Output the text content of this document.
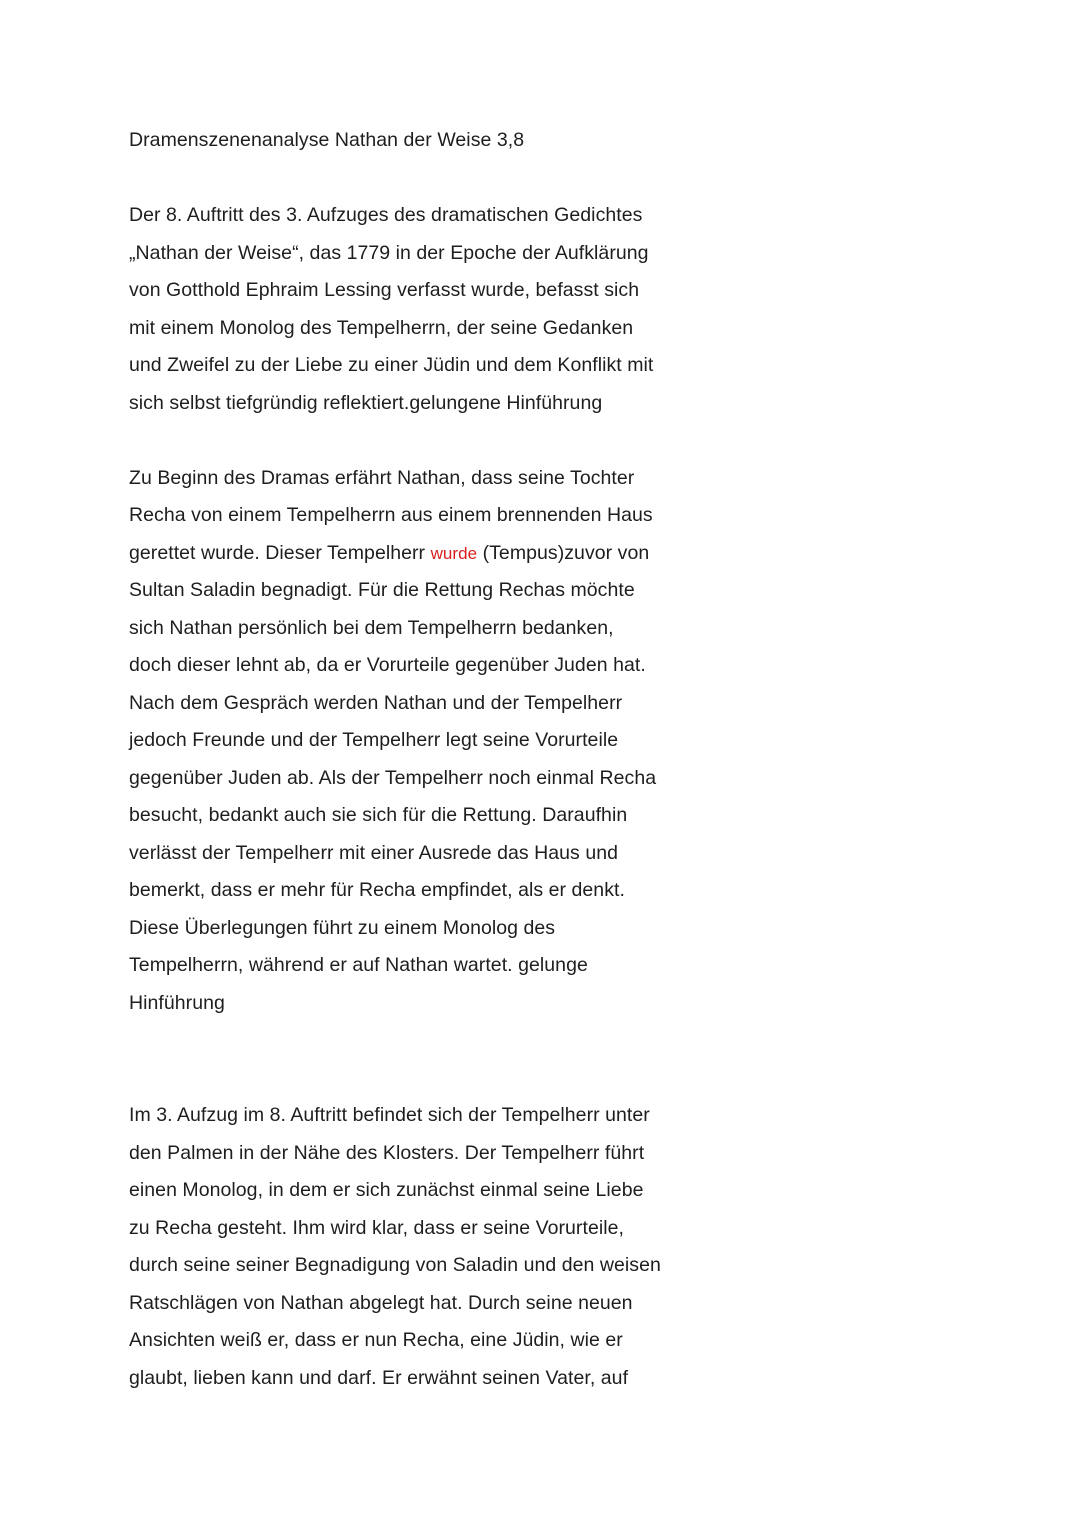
Dramenszenenanalyse Nathan der Weise 3,8

Der 8. Auftritt des 3. Aufzuges des dramatischen Gedichtes
„Nathan der Weise“, das 1779 in der Epoche der Aufklärung
von Gotthold Ephraim Lessing verfasst wurde, befasst sich
mit einem Monolog des Tempelherrn, der seine Gedanken
und Zweifel zu der Liebe zu einer Jüdin und dem Konflikt mit
sich selbst tiefgründig reflektiert.gelungene Hinführung

Zu Beginn des Dramas erfährt Nathan, dass seine Tochter
Recha von einem Tempelherrn aus einem brennenden Haus
gerettet wurde. Dieser Tempelherr wurde (Tempus)zuvor von
Sultan Saladin begnadigt. Für die Rettung Rechas möchte
sich Nathan persönlich bei dem Tempelherrn bedanken,
doch dieser lehnt ab, da er Vorurteile gegenüber Juden hat.
Nach dem Gespräch werden Nathan und der Tempelherr
jedoch Freunde und der Tempelherr legt seine Vorurteile
gegenüber Juden ab. Als der Tempelherr noch einmal Recha
besucht, bedankt auch sie sich für die Rettung. Daraufhin
verlässt der Tempelherr mit einer Ausrede das Haus und
bemerkt, dass er mehr für Recha empfindet, als er denkt.
Diese Überlegungen führt zu einem Monolog des
Tempelherrn, während er auf Nathan wartet. gelunge
Hinführung

Im 3. Aufzug im 8. Auftritt befindet sich der Tempelherr unter
den Palmen in der Nähe des Klosters. Der Tempelherr führt
einen Monolog, in dem er sich zunächst einmal seine Liebe
zu Recha gesteht. Ihm wird klar, dass er seine Vorurteile,
durch seine seiner Begnadigung von Saladin und den weisen
Ratschlägen von Nathan abgelegt hat. Durch seine neuen
Ansichten weiß er, dass er nun Recha, eine Jüdin, wie er
glaubt, lieben kann und darf. Er erwähnt seinen Vater, auf
